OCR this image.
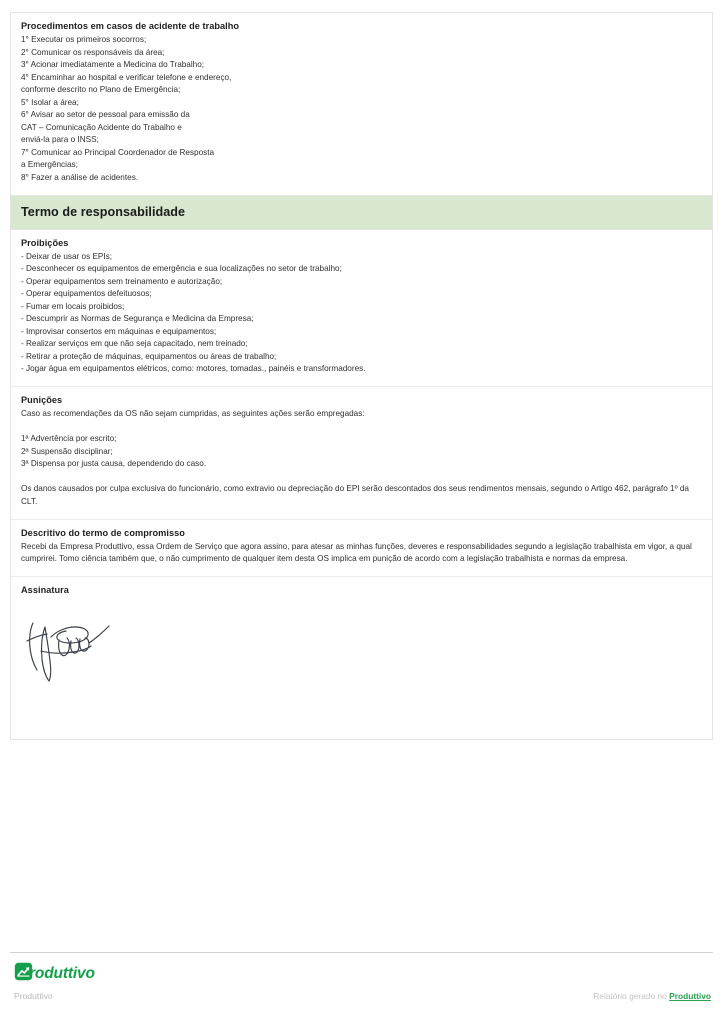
Procedimentos em casos de acidente de trabalho

1° Executar os primeiros socorros;

2° Comunicar os responsáveis da área;

3° Acionar imediatamente a Medicina do Trabalho;

4° Encaminhar ao hospital e verificar telefone e endereço,

conforme descrito no Plano de Emergência;

5° Isolar a área;

6° Avisar ao setor de pessoal para emissão da

CAT – Comunicação Acidente do Trabalho e

enviá-la para o INSS;

7° Comunicar ao Principal Coordenador de Resposta

a Emergências;

8° Fazer a análise de acidentes.

Termo de responsabilidade
Proibições

- Deixar de usar os EPIs;

- Desconhecer os equipamentos de emergência e sua localizações no setor de trabalho;

- Operar equipamentos sem treinamento e autorização;

- Operar equipamentos defeituosos;

- Fumar em locais proibidos;

- Descumprir as Normas de Segurança e Medicina da Empresa;

- Improvisar consertos em máquinas e equipamentos;

- Realizar serviços em que não seja capacitado, nem treinado;

- Retirar a proteção de máquinas, equipamentos ou áreas de trabalho;

- Jogar água em equipamentos elétricos, como: motores, tomadas., painéis e transformadores.

Punições

Caso as recomendações da OS não sejam cumpridas, as seguintes ações serão empregadas:

1ª Advertência por escrito;

2ª Suspensão disciplinar;

3ª Dispensa por justa causa, dependendo do caso.

Os danos causados por culpa exclusiva do funcionário, como extravio ou depreciação do EPI serão descontados dos seus rendimentos mensais, segundo o Artigo 462, parágrafo 1º da CLT.

Descritivo do termo de compromisso

Recebi da Empresa Produttivo, essa Ordem de Serviço que agora assino, para atesar as minhas funções, deveres e responsabilidades segundo a legislação trabalhista em vigor, a qual cumprirei. Tomo ciência também que, o não cumprimento de qualquer item desta OS implica em punição de acordo com a legislação trabalhista e normas da empresa.

Assinatura
roduttivo
Produttivo	Relatório gerado no Produttivo
